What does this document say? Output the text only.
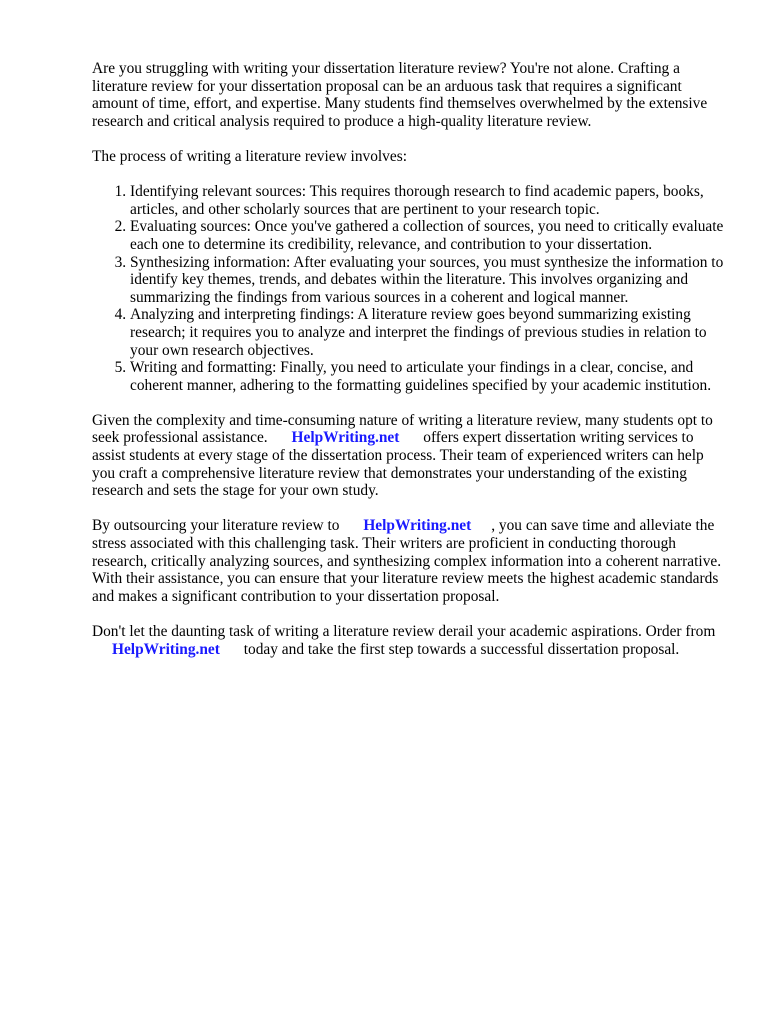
Are you struggling with writing your dissertation literature review? You're not alone. Crafting a literature review for your dissertation proposal can be an arduous task that requires a significant amount of time, effort, and expertise. Many students find themselves overwhelmed by the extensive research and critical analysis required to produce a high-quality literature review.

The process of writing a literature review involves:

1. Identifying relevant sources: This requires thorough research to find academic papers, books, articles, and other scholarly sources that are pertinent to your research topic.
2. Evaluating sources: Once you've gathered a collection of sources, you need to critically evaluate each one to determine its credibility, relevance, and contribution to your dissertation.
3. Synthesizing information: After evaluating your sources, you must synthesize the information to identify key themes, trends, and debates within the literature. This involves organizing and summarizing the findings from various sources in a coherent and logical manner.
4. Analyzing and interpreting findings: A literature review goes beyond summarizing existing research; it requires you to analyze and interpret the findings of previous studies in relation to your own research objectives.
5. Writing and formatting: Finally, you need to articulate your findings in a clear, concise, and coherent manner, adhering to the formatting guidelines specified by your academic institution.

Given the complexity and time-consuming nature of writing a literature review, many students opt to seek professional assistance. HelpWriting.net offers expert dissertation writing services to assist students at every stage of the dissertation process. Their team of experienced writers can help you craft a comprehensive literature review that demonstrates your understanding of the existing research and sets the stage for your own study.

By outsourcing your literature review to HelpWriting.net , you can save time and alleviate the stress associated with this challenging task. Their writers are proficient in conducting thorough research, critically analyzing sources, and synthesizing complex information into a coherent narrative. With their assistance, you can ensure that your literature review meets the highest academic standards and makes a significant contribution to your dissertation proposal.

Don't let the daunting task of writing a literature review derail your academic aspirations. Order from HelpWriting.net today and take the first step towards a successful dissertation proposal.
